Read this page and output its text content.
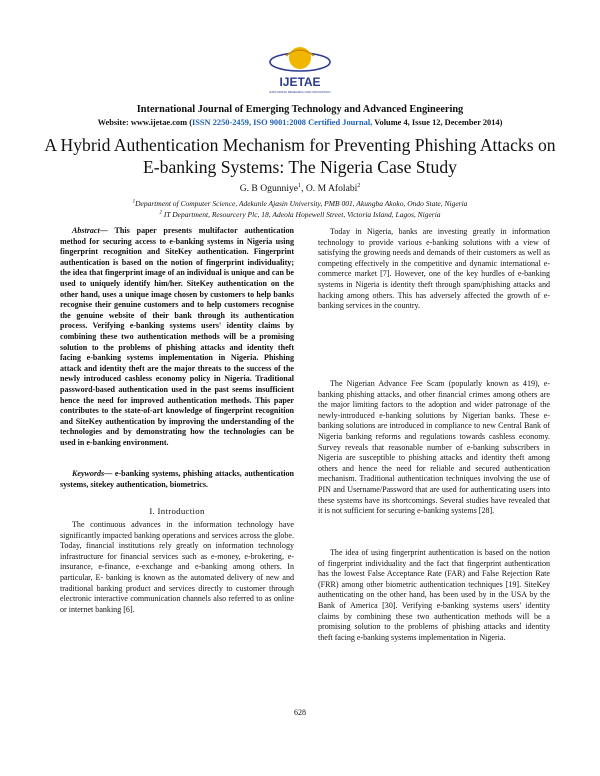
IJETAE
EXPLORING RESEARCH AND INNOVATION
International Journal of Emerging Technology and Advanced Engineering
Website: www.ijetae.com (ISSN 2250-2459, ISO 9001:2008 Certified Journal, Volume 4, Issue 12, December 2014)
A Hybrid Authentication Mechanism for Preventing Phishing Attacks on E-banking Systems: The Nigeria Case Study
G. B Ogunniye$^1$, O. M Afolabi$^2$
$^1$Department of Computer Science, Adekunle Ajasin University, PMB 001, Akungba Akoko, Ondo State, Nigeria
$^2$ IT Department, Resourcery Plc, 18, Adeola Hopewell Street, Victoria Island, Lagos, Nigeria
Abstract— This paper presents multifactor authentication method for securing access to e-banking systems in Nigeria using fingerprint recognition and SiteKey authentication. Fingerprint authentication is based on the notion of fingerprint individuality; the idea that fingerprint image of an individual is unique and can be used to uniquely identify him/her. SiteKey authentication on the other hand, uses a unique image chosen by customers to help banks recognise their genuine customers and to help customers recognise the genuine website of their bank through its authentication process. Verifying e-banking systems users' identity claims by combining these two authentication methods will be a promising solution to the problems of phishing attacks and identity theft facing e-banking systems implementation in Nigeria. Phishing attack and identity theft are the major threats to the success of the newly introduced cashless economy policy in Nigeria. Traditional password-based authentication used in the past seems insufficient hence the need for improved authentication methods. This paper contributes to the state-of-art knowledge of fingerprint recognition and SiteKey authentication by improving the understanding of the technologies and by demonstrating how the technologies can be used in e-banking environment.
Keywords— e-banking systems, phishing attacks, authentication systems, sitekey authentication, biometrics.
I. Introduction
The continuous advances in the information technology have significantly impacted banking operations and services across the globe. Today, financial institutions rely greatly on information technology infrastructure for financial services such as e-money, e-brokering, e-insurance, e-finance, e-exchange and e-banking among others. In particular, E- banking is known as the automated delivery of new and traditional banking product and services directly to customer through electronic interactive communication channels also referred to as online or internet banking [6].
Today in Nigeria, banks are investing greatly in information technology to provide various e-banking solutions with a view of satisfying the growing needs and demands of their customers as well as competing effectively in the competitive and dynamic international e-commerce market [7]. However, one of the key hurdles of e-banking systems in Nigeria is identity theft through spam/phishing attacks and hacking among others. This has adversely affected the growth of e-banking services in the country.
The Nigerian Advance Fee Scam (popularly known as 419), e-banking phishing attacks, and other financial crimes among others are the major limiting factors to the adoption and wider patronage of the newly-introduced e-banking solutions by Nigerian banks. These e-banking solutions are introduced in compliance to new Central Bank of Nigeria banking reforms and regulations towards cashless economy. Survey reveals that reasonable number of e-banking subscribers in Nigeria are susceptible to phishing attacks and identity theft among others and hence the need for reliable and secured authentication mechanism. Traditional authentication techniques involving the use of PIN and Username/Password that are used for authenticating users into these systems have its shortcomings. Several studies have revealed that it is not sufficient for securing e-banking systems [28].
The idea of using fingerprint authentication is based on the notion of fingerprint individuality and the fact that fingerprint authentication has the lowest False Acceptance Rate (FAR) and False Rejection Rate (FRR) among other biometric authentication techniques [19]. SiteKey authenticating on the other hand, has been used by in the USA by the Bank of America [30]. Verifying e-banking systems users' identity claims by combining these two authentication methods will be a promising solution to the problems of phishing attacks and identity theft facing e-banking systems implementation in Nigeria.
628
